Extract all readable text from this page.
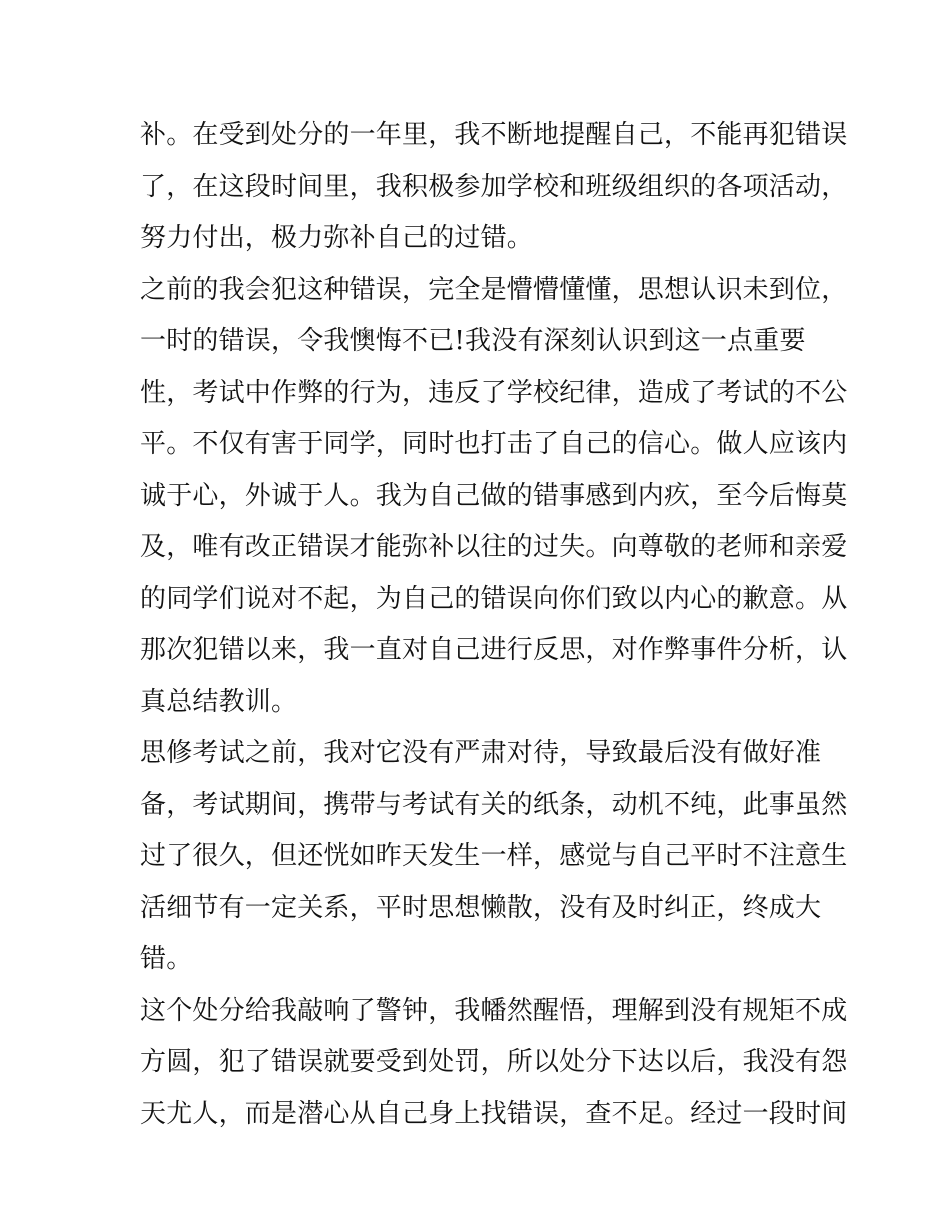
补。在受到处分的一年里，我不断地提醒自己，不能再犯错误
了，在这段时间里，我积极参加学校和班级组织的各项活动，
努力付出，极力弥补自己的过错。
之前的我会犯这种错误，完全是懵懵懂懂，思想认识未到位，
一时的错误，令我懊悔不已!我没有深刻认识到这一点重要
性，考试中作弊的行为，违反了学校纪律，造成了考试的不公
平。不仅有害于同学，同时也打击了自己的信心。做人应该内
诚于心，外诚于人。我为自己做的错事感到内疚，至今后悔莫
及，唯有改正错误才能弥补以往的过失。向尊敬的老师和亲爱
的同学们说对不起，为自己的错误向你们致以内心的歉意。从
那次犯错以来，我一直对自己进行反思，对作弊事件分析，认
真总结教训。
思修考试之前，我对它没有严肃对待，导致最后没有做好准
备，考试期间，携带与考试有关的纸条，动机不纯，此事虽然
过了很久，但还恍如昨天发生一样，感觉与自己平时不注意生
活细节有一定关系，平时思想懒散，没有及时纠正，终成大
错。
这个处分给我敲响了警钟，我幡然醒悟，理解到没有规矩不成
方圆，犯了错误就要受到处罚，所以处分下达以后，我没有怨
天尤人，而是潜心从自己身上找错误，查不足。经过一段时间
